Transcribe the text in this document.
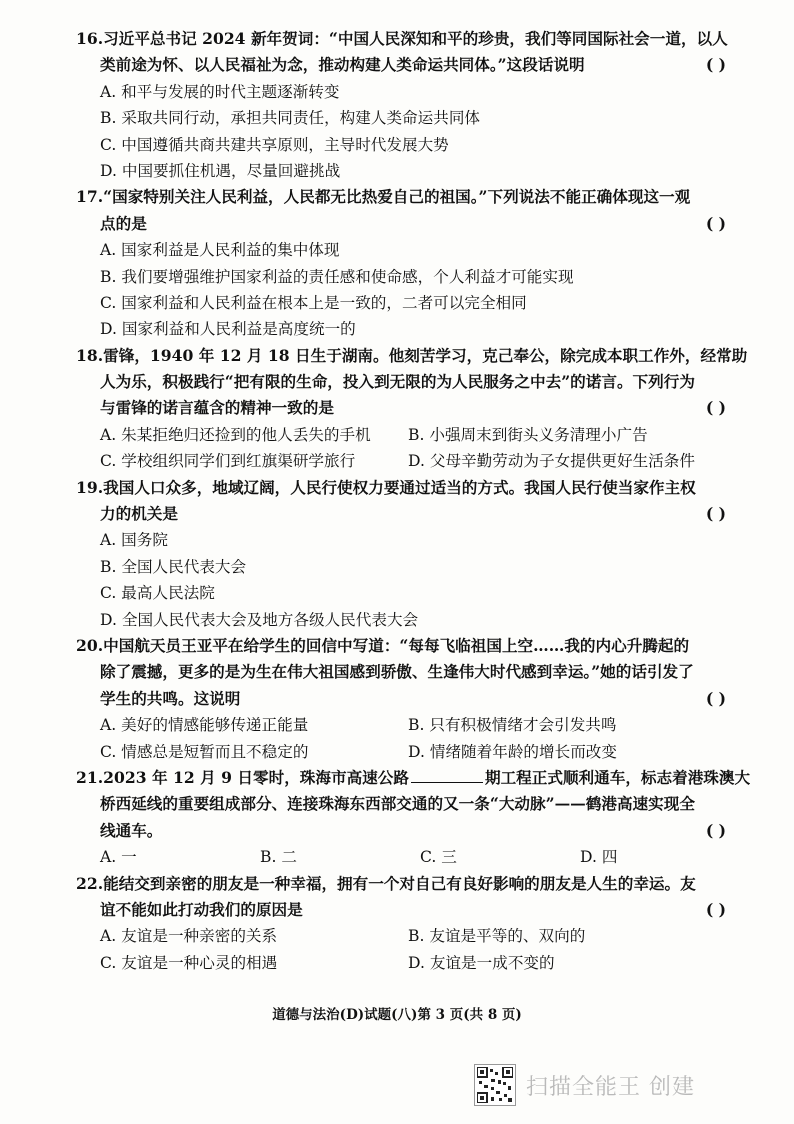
16.习近平总书记 2024 新年贺词：“中国人民深知和平的珍贵，我们等同国际社会一道，以人
类前途为怀、以人民福祉为念，推动构建人类命运共同体。”这段话说明	( )
A. 和平与发展的时代主题逐渐转变
B. 采取共同行动，承担共同责任，构建人类命运共同体
C. 中国遵循共商共建共享原则，主导时代发展大势
D. 中国要抓住机遇，尽量回避挑战
17.“国家特别关注人民利益，人民都无比热爱自己的祖国。”下列说法不能正确体现这一观
点的是	( )
A. 国家利益是人民利益的集中体现
B. 我们要增强维护国家利益的责任感和使命感，个人利益才可能实现
C. 国家利益和人民利益在根本上是一致的，二者可以完全相同
D. 国家利益和人民利益是高度统一的
18.雷锋，1940 年 12 月 18 日生于湖南。他刻苦学习，克己奉公，除完成本职工作外，经常助
人为乐，积极践行“把有限的生命，投入到无限的为人民服务之中去”的诺言。下列行为
与雷锋的诺言蕴含的精神一致的是	( )
A. 朱某拒绝归还捡到的他人丢失的手机	B. 小强周末到街头义务清理小广告
C. 学校组织同学们到红旗渠研学旅行	D. 父母辛勤劳动为子女提供更好生活条件
19.我国人口众多，地域辽阔，人民行使权力要通过适当的方式。我国人民行使当家作主权
力的机关是	( )
A. 国务院
B. 全国人民代表大会
C. 最高人民法院
D. 全国人民代表大会及地方各级人民代表大会
20.中国航天员王亚平在给学生的回信中写道：“每每飞临祖国上空……我的内心升腾起的
除了震撼，更多的是为生在伟大祖国感到骄傲、生逢伟大时代感到幸运。”她的话引发了
学生的共鸣。这说明	( )
A. 美好的情感能够传递正能量	B. 只有积极情绪才会引发共鸣
C. 情感总是短暂而且不稳定的	D. 情绪随着年龄的增长而改变
21.2023 年 12 月 9 日零时，珠海市高速公路	期工程正式顺利通车，标志着港珠澳大
桥西延线的重要组成部分、连接珠海东西部交通的又一条“大动脉”——鹤港高速实现全
线通车。	( )
A. 一	B. 二	C. 三	D. 四
22.能结交到亲密的朋友是一种幸福，拥有一个对自己有良好影响的朋友是人生的幸运。友
谊不能如此打动我们的原因是	( )
A. 友谊是一种亲密的关系	B. 友谊是平等的、双向的
C. 友谊是一种心灵的相遇	D. 友谊是一成不变的
道德与法治(D)试题(八)第 3 页(共 8 页)
扫描全能王 创建
